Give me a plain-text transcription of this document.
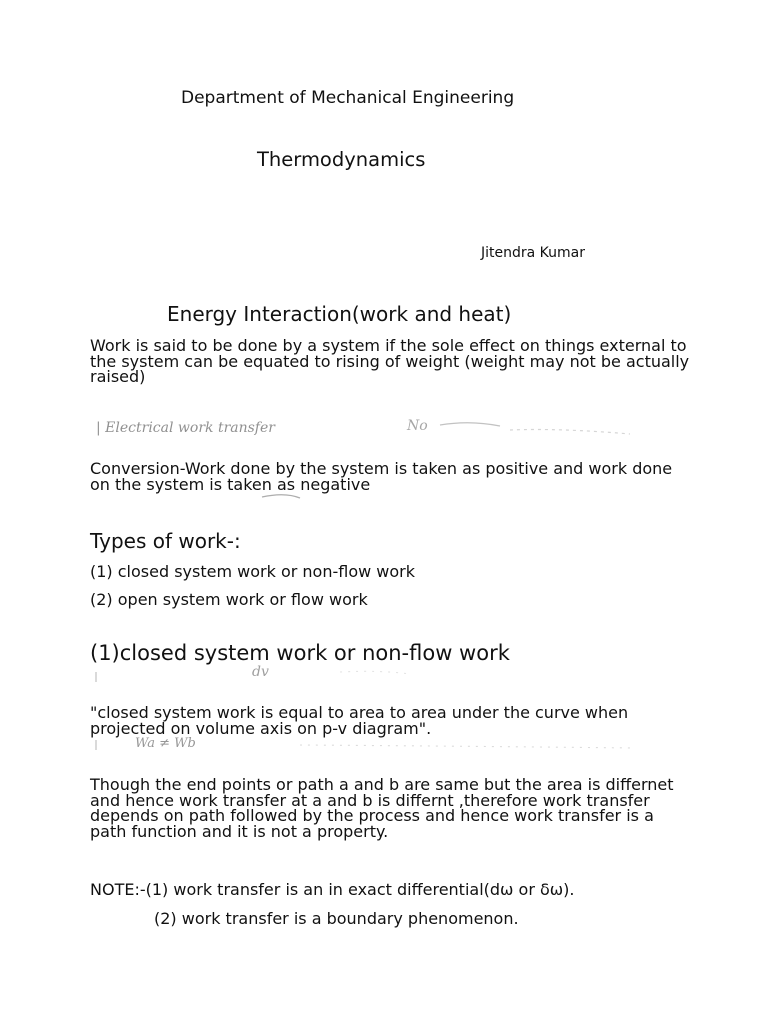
Department of Mechanical Engineering
Thermodynamics
Jitendra Kumar
Energy Interaction(work and heat)
Work is said to be done by a system if the sole effect on things external to the system can be equated to rising of weight (weight may not be actually raised)
| Electrical work transfer	No
Conversion-Work done by the system is taken as positive and work done on the system is taken as negative
Types of work-:
(1) closed system work or non-flow work
(2) open system work or flow work
(1)closed system work or non-flow work
dv
"closed system work is equal to area to area under the curve when projected on volume axis on p-v diagram".
Wa ≠ Wb
Though the end points or path a and b are same but the area is differnet and hence work transfer at a and b is differnt ,therefore work transfer depends on path followed by the process and hence work transfer is a path function and it is not a property.
NOTE:-(1) work transfer is an in exact differential(dω or δω).
(2) work transfer is a boundary phenomenon.
